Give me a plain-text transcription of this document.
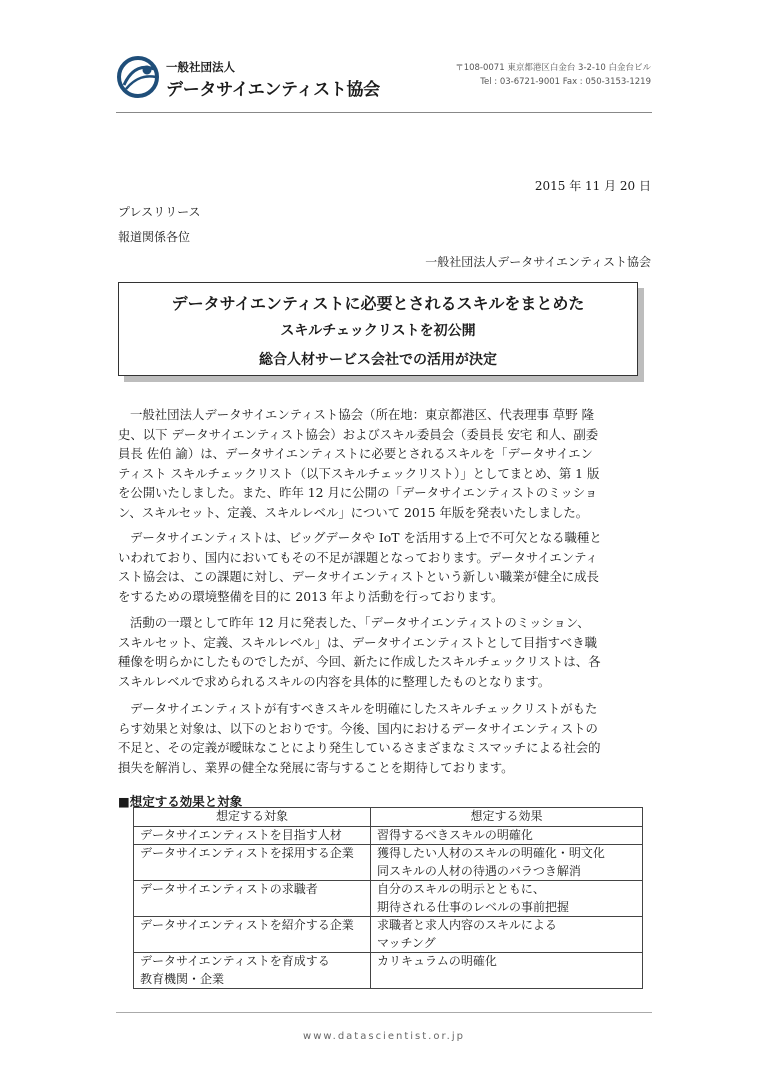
一般社団法人
データサイエンティスト協会
〒108-0071 東京都港区白金台 3-2-10 白金台ビル
Tel : 03-6721-9001 Fax : 050-3153-1219
2015 年 11 月 20 日
プレスリリース
報道関係各位
一般社団法人データサイエンティスト協会
データサイエンティストに必要とされるスキルをまとめた
スキルチェックリストを初公開
総合人材サービス会社での活用が決定

一般社団法人データサイエンティスト協会（所在地：東京都港区、代表理事 草野 隆

史、以下 データサイエンティスト協会）およびスキル委員会（委員長 安宅 和人、副委

員長 佐伯 諭）は、データサイエンティストに必要とされるスキルを「データサイエン

ティスト スキルチェックリスト（以下スキルチェックリスト）」としてまとめ、第 1 版

を公開いたしました。また、昨年 12 月に公開の「データサイエンティストのミッショ

ン、スキルセット、定義、スキルレベル」について 2015 年版を発表いたしました。

データサイエンティストは、ビッグデータや IoT を活用する上で不可欠となる職種と

いわれており、国内においてもその不足が課題となっております。データサイエンティ

スト協会は、この課題に対し、データサイエンティストという新しい職業が健全に成長

をするための環境整備を目的に 2013 年より活動を行っております。

活動の一環として昨年 12 月に発表した、「データサイエンティストのミッション、

スキルセット、定義、スキルレベル」は、データサイエンティストとして目指すべき職

種像を明らかにしたものでしたが、今回、新たに作成したスキルチェックリストは、各

スキルレベルで求められるスキルの内容を具体的に整理したものとなります。

データサイエンティストが有すべきスキルを明確にしたスキルチェックリストがもた

らす効果と対象は、以下のとおりです。今後、国内におけるデータサイエンティストの

不足と、その定義が曖昧なことにより発生しているさまざまなミスマッチによる社会的

損失を解消し、業界の健全な発展に寄与することを期待しております。

■想定する効果と対象
想定する対象	想定する効果

データサイエンティストを目指す人材	習得するべきスキルの明確化

データサイエンティストを採用する企業	獲得したい人材のスキルの明確化・明文化
同スキルの人材の待遇のバラつき解消

データサイエンティストの求職者	自分のスキルの明示とともに、
期待される仕事のレベルの事前把握

データサイエンティストを紹介する企業	求職者と求人内容のスキルによる
マッチング

データサイエンティストを育成する
教育機関・企業	カリキュラムの明確化
www.datascientist.or.jp
